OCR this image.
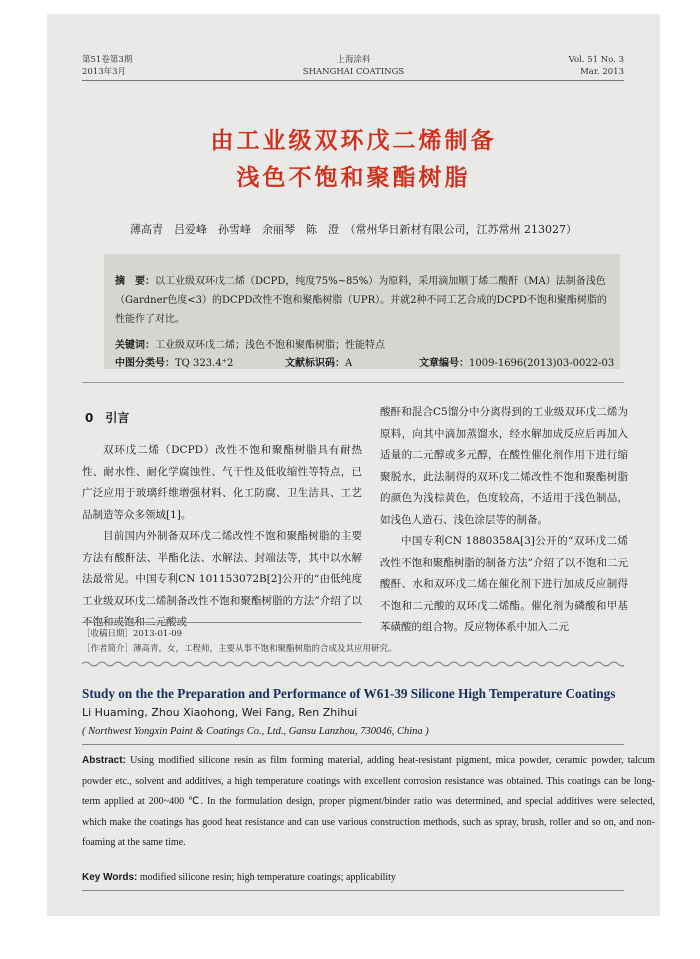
第51卷第3期
2013年3月
上海涂料
SHANGHAI COATINGS
Vol. 51 No. 3
Mar. 2013
由工业级双环戊二烯制备
浅色不饱和聚酯树脂
薄高青　吕爱峰　孙雪峰　余丽琴　陈　澄　（常州华日新材有限公司，江苏常州 213027）
摘　要：以工业级双环戊二烯（DCPD，纯度75%~85%）为原料，采用滴加顺丁烯二酸酐（MA）法制备浅色（Gardner色度<3）的DCPD改性不饱和聚酯树脂（UPR）。并就2种不同工艺合成的DCPD不饱和聚酯树脂的性能作了对比。
关键词：工业级双环戊二烯；浅色不饱和聚酯树脂；性能特点
中图分类号：TQ 323.4⁺2	文献标识码：A	文章编号：1009-1696(2013)03-0022-03
0　引言

双环戊二烯（DCPD）改性不饱和聚酯树脂具有耐热性、耐水性、耐化学腐蚀性、气干性及低收缩性等特点，已广泛应用于玻璃纤维增强材料、化工防腐、卫生洁具、工艺品制造等众多领域[1]。

目前国内外制备双环戊二烯改性不饱和聚酯树脂的主要方法有酸酐法、半酯化法、水解法、封端法等，其中以水解法最常见。中国专利CN 101153072B[2]公开的“由低纯度工业级双环戊二烯制备改性不饱和聚酯树脂的方法”介绍了以不饱和或饱和二元酸或

酸酐和混合C5馏分中分离得到的工业级双环戊二烯为原料，向其中滴加蒸馏水，经水解加成反应后再加入适量的二元醇或多元醇，在酸性催化剂作用下进行缩聚脱水，此法制得的双环戊二烯改性不饱和聚酯树脂的颜色为浅棕黄色，色度较高，不适用于浅色制品，如浅色人造石、浅色涂层等的制备。

中国专利CN 1880358A[3]公开的“双环戊二烯改性不饱和聚酯树脂的制备方法”介绍了以不饱和二元酸酐、水和双环戊二烯在催化剂下进行加成反应制得不饱和二元酸的双环戊二烯酯。催化剂为磷酸和甲基苯磺酸的组合物。反应物体系中加入二元

［收稿日期］2013-01-09
［作者简介］薄高青，女，工程师，主要从事不饱和聚酯树脂的合成及其应用研究。
Study on the the Preparation and Performance of W61-39 Silicone High Temperature Coatings
Li Huaming, Zhou Xiaohong, Wei Fang, Ren Zhihui
( Northwest Yongxin Paint & Coatings Co., Ltd., Gansu Lanzhou, 730046, China )
Abstract: Using modified silicone resin as film forming material, adding heat-resistant pigment, mica powder, ceramic powder, talcum powder etc., solvent and additives, a high temperature coatings with excellent corrosion resistance was obtained. This coatings can be long-term applied at 200~400 ℃. In the formulation design, proper pigment/binder ratio was determined, and special additives were selected, which make the coatings has good heat resistance and can use various construction methods, such as spray, brush, roller and so on, and non-foaming at the same time.
Key Words: modified silicone resin; high temperature coatings; applicability
